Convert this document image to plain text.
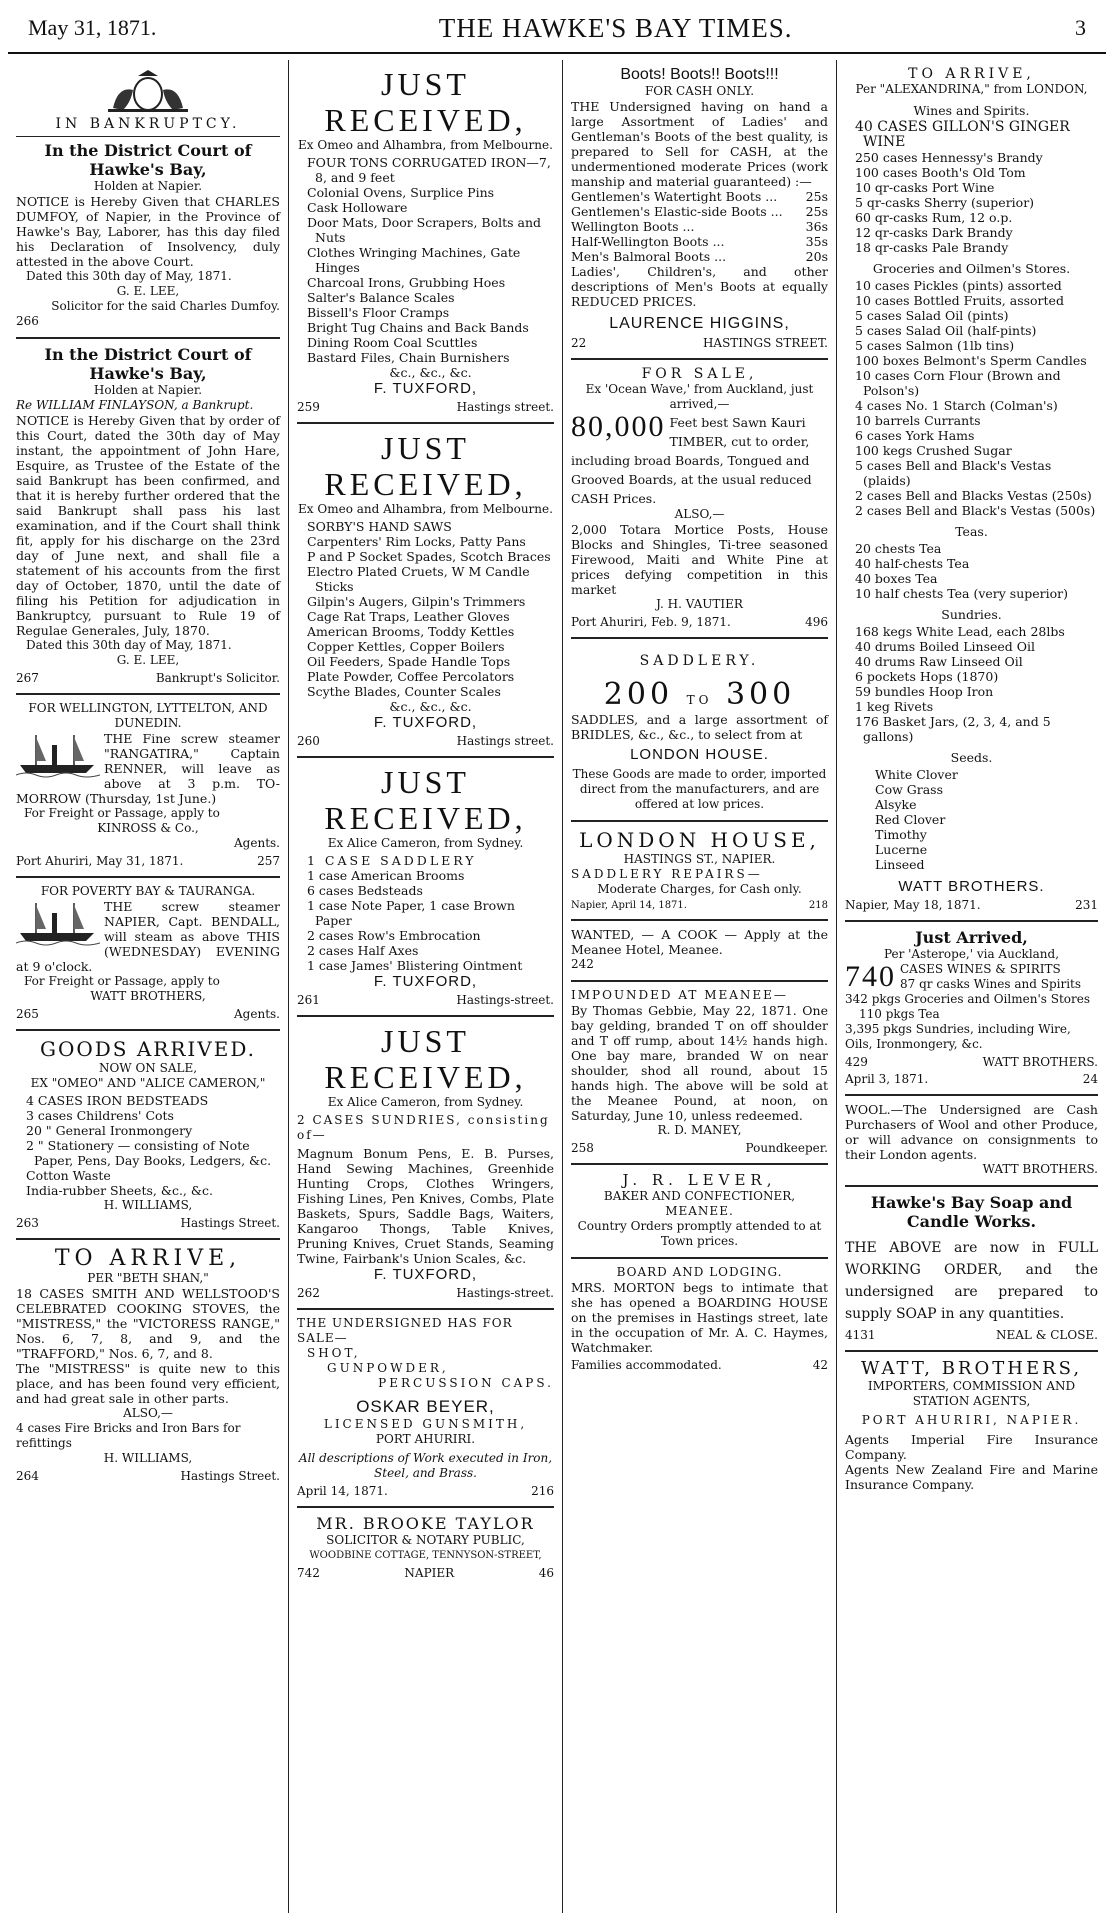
May 31, 1871.	THE HAWKE'S BAY TIMES.	3
IN BANKRUPTCY.
In the District Court of Hawke's Bay,
Holden at Napier.
NOTICE is Hereby Given that CHARLES DUMFOY, of Napier, in the Province of Hawke's Bay, Laborer, has this day filed his Declaration of Insolvency, duly attested in the above Court.
Dated this 30th day of May, 1871.
G. E. LEE,
Solicitor for the said Charles Dumfoy.
266
In the District Court of Hawke's Bay,
Holden at Napier.
Re WILLIAM FINLAYSON, a Bankrupt.
NOTICE is Hereby Given that by order of this Court, dated the 30th day of May instant, the appointment of John Hare, Esquire, as Trustee of the Estate of the said Bankrupt has been confirmed, and that it is hereby further ordered that the said Bankrupt shall pass his last examination, and if the Court shall think fit, apply for his discharge on the 23rd day of June next, and shall file a statement of his accounts from the first day of October, 1870, until the date of filing his Petition for adjudication in Bankruptcy, pursuant to Rule 19 of Regulae Generales, July, 1870.
Dated this 30th day of May, 1871.
G. E. LEE,
267	Bankrupt's Solicitor.
FOR WELLINGTON, LYTTELTON, AND DUNEDIN.
THE Fine screw steamer "RANGATIRA," Captain RENNER, will leave as above at 3 p.m. TO-MORROW (Thursday, 1st June.)
For Freight or Passage, apply to
KINROSS & Co.,
Agents.
Port Ahuriri, May 31, 1871.	257
FOR POVERTY BAY & TAURANGA.
THE screw steamer NAPIER, Capt. BENDALL, will steam as above THIS (WEDNESDAY) EVENING at 9 o'clock.
For Freight or Passage, apply to
WATT BROTHERS,
265	Agents.
GOODS ARRIVED.
NOW ON SALE,
EX "OMEO" AND "ALICE CAMERON,"
4 CASES IRON BEDSTEADS
3 cases Childrens' Cots
20 " General Ironmongery
2 " Stationery — consisting of Note Paper, Pens, Day Books, Ledgers, &c.
Cotton Waste
India-rubber Sheets, &c., &c.
H. WILLIAMS,
263	Hastings Street.
TO ARRIVE,
PER "BETH SHAN,"
18 CASES SMITH AND WELLSTOOD'S CELEBRATED COOKING STOVES, the "MISTRESS," the "VICTORESS RANGE," Nos. 6, 7, 8, and 9, and the "TRAFFORD," Nos. 6, 7, and 8.
The "MISTRESS" is quite new to this place, and has been found very efficient, and had great sale in other parts.
ALSO,—
4 cases Fire Bricks and Iron Bars for refittings
H. WILLIAMS,
264	Hastings Street.
JUST RECEIVED,
Ex Omeo and Alhambra, from Melbourne.
FOUR TONS CORRUGATED IRON—7, 8, and 9 feet
Colonial Ovens, Surplice Pins
Cask Holloware
Door Mats, Door Scrapers, Bolts and Nuts
Clothes Wringing Machines, Gate Hinges
Charcoal Irons, Grubbing Hoes
Salter's Balance Scales
Bissell's Floor Cramps
Bright Tug Chains and Back Bands
Dining Room Coal Scuttles
Bastard Files, Chain Burnishers
&c., &c., &c.
F. TUXFORD,
259	Hastings street.
JUST RECEIVED,
Ex Omeo and Alhambra, from Melbourne.
SORBY'S HAND SAWS
Carpenters' Rim Locks, Patty Pans
P and P Socket Spades, Scotch Braces
Electro Plated Cruets, W M Candle Sticks
Gilpin's Augers, Gilpin's Trimmers
Cage Rat Traps, Leather Gloves
American Brooms, Toddy Kettles
Copper Kettles, Copper Boilers
Oil Feeders, Spade Handle Tops
Plate Powder, Coffee Percolators
Scythe Blades, Counter Scales
&c., &c., &c.
F. TUXFORD,
260	Hastings street.
JUST RECEIVED,
Ex Alice Cameron, from Sydney.
1 CASE SADDLERY
1 case American Brooms
6 cases Bedsteads
1 case Note Paper, 1 case Brown Paper
2 cases Row's Embrocation
2 cases Half Axes
1 case James' Blistering Ointment
F. TUXFORD,
261	Hastings-street.
JUST RECEIVED,
Ex Alice Cameron, from Sydney.
2 CASES SUNDRIES, consisting of—
Magnum Bonum Pens, E. B. Purses, Hand Sewing Machines, Greenhide Hunting Crops, Clothes Wringers, Fishing Lines, Pen Knives, Combs, Plate Baskets, Spurs, Saddle Bags, Waiters, Kangaroo Thongs, Table Knives, Pruning Knives, Cruet Stands, Seaming Twine, Fairbank's Union Scales, &c.
F. TUXFORD,
262	Hastings-street.
THE UNDERSIGNED HAS FOR SALE—
SHOT,
GUNPOWDER,
PERCUSSION CAPS.
OSKAR BEYER,
LICENSED GUNSMITH,
PORT AHURIRI.
All descriptions of Work executed in Iron, Steel, and Brass.
April 14, 1871.	216
MR. BROOKE TAYLOR
SOLICITOR & NOTARY PUBLIC,
WOODBINE COTTAGE, TENNYSON-STREET,
742	NAPIER	46
Boots! Boots!! Boots!!!
FOR CASH ONLY.
THE Undersigned having on hand a large Assortment of Ladies' and Gentleman's Boots of the best quality, is prepared to Sell for CASH, at the undermentioned moderate Prices (work manship and material guaranteed) :—
Gentlemen's Watertight Boots ... 25s
Gentlemen's Elastic-side Boots ... 25s
Wellington Boots ...	36s
Half-Wellington Boots ...	35s
Men's Balmoral Boots ...	20s
Ladies', Children's, and other descriptions of Men's Boots at equally REDUCED PRICES.
LAURENCE HIGGINS,
22	HASTINGS STREET.
FOR SALE,
Ex 'Ocean Wave,' from Auckland, just arrived,—
80,000 Feet best Sawn Kauri TIMBER, cut to order, including broad Boards, Tongued and Grooved Boards, at the usual reduced CASH Prices.
ALSO,—
2,000 Totara Mortice Posts, House Blocks and Shingles, Ti-tree seasoned Firewood, Maiti and White Pine at prices defying competition in this market
J. H. VAUTIER
Port Ahuriri, Feb. 9, 1871.	496
SADDLERY.
200 TO 300
SADDLES, and a large assortment of BRIDLES, &c., &c., to select from at
LONDON HOUSE.
These Goods are made to order, imported direct from the manufacturers, and are offered at low prices.
LONDON HOUSE,
HASTINGS ST., NAPIER.
SADDLERY REPAIRS—
Moderate Charges, for Cash only.
Napier, April 14, 1871.	218
WANTED, — A COOK — Apply at the Meanee Hotel, Meanee.
242
IMPOUNDED AT MEANEE—
By Thomas Gebbie, May 22, 1871. One bay gelding, branded T on off shoulder and T off rump, about 14½ hands high. One bay mare, branded W on near shoulder, shod all round, about 15 hands high. The above will be sold at the Meanee Pound, at noon, on Saturday, June 10, unless redeemed.
R. D. MANEY,
258	Poundkeeper.
J. R. LEVER,
BAKER AND CONFECTIONER,
MEANEE.
Country Orders promptly attended to at Town prices.
BOARD AND LODGING.
MRS. MORTON begs to intimate that she has opened a BOARDING HOUSE on the premises in Hastings street, late in the occupation of Mr. A. C. Haymes, Watchmaker.
Families accommodated.	42
TO ARRIVE,
Per "ALEXANDRINA," from LONDON,
Wines and Spirits.
40 CASES GILLON'S GINGER WINE
250 cases Hennessy's Brandy
100 cases Booth's Old Tom
10 qr-casks Port Wine
5 qr-casks Sherry (superior)
60 qr-casks Rum, 12 o.p.
12 qr-casks Dark Brandy
18 qr-casks Pale Brandy
Groceries and Oilmen's Stores.
10 cases Pickles (pints) assorted
10 cases Bottled Fruits, assorted
5 cases Salad Oil (pints)
5 cases Salad Oil (half-pints)
5 cases Salmon (1lb tins)
100 boxes Belmont's Sperm Candles
10 cases Corn Flour (Brown and Polson's)
4 cases No. 1 Starch (Colman's)
10 barrels Currants
6 cases York Hams
100 kegs Crushed Sugar
5 cases Bell and Black's Vestas (plaids)
2 cases Bell and Blacks Vestas (250s)
2 cases Bell and Black's Vestas (500s)
Teas.
20 chests Tea
40 half-chests Tea
40 boxes Tea
10 half chests Tea (very superior)
Sundries.
168 kegs White Lead, each 28lbs
40 drums Boiled Linseed Oil
40 drums Raw Linseed Oil
6 pockets Hops (1870)
59 bundles Hoop Iron
1 keg Rivets
176 Basket Jars, (2, 3, 4, and 5 gallons)
Seeds.
White Clover
Cow Grass
Alsyke
Red Clover
Timothy
Lucerne
Linseed
WATT BROTHERS.
Napier, May 18, 1871.	231
Just Arrived,
Per 'Asterope,' via Auckland,
740 CASES WINES & SPIRITS
87 qr casks Wines and Spirits
342 pkgs Groceries and Oilmen's Stores
110 pkgs Tea
3,395 pkgs Sundries, including Wire, Oils, Ironmongery, &c.
429	WATT BROTHERS.
April 3, 1871.	24
WOOL.—The Undersigned are Cash Purchasers of Wool and other Produce, or will advance on consignments to their London agents.
WATT BROTHERS.
Hawke's Bay Soap and Candle Works.
THE ABOVE are now in FULL WORKING ORDER, and the undersigned are prepared to supply SOAP in any quantities.
4131	NEAL & CLOSE.
WATT, BROTHERS,
IMPORTERS, COMMISSION AND STATION AGENTS,
PORT AHURIRI, NAPIER.
Agents Imperial Fire Insurance Company.
Agents New Zealand Fire and Marine Insurance Company.
